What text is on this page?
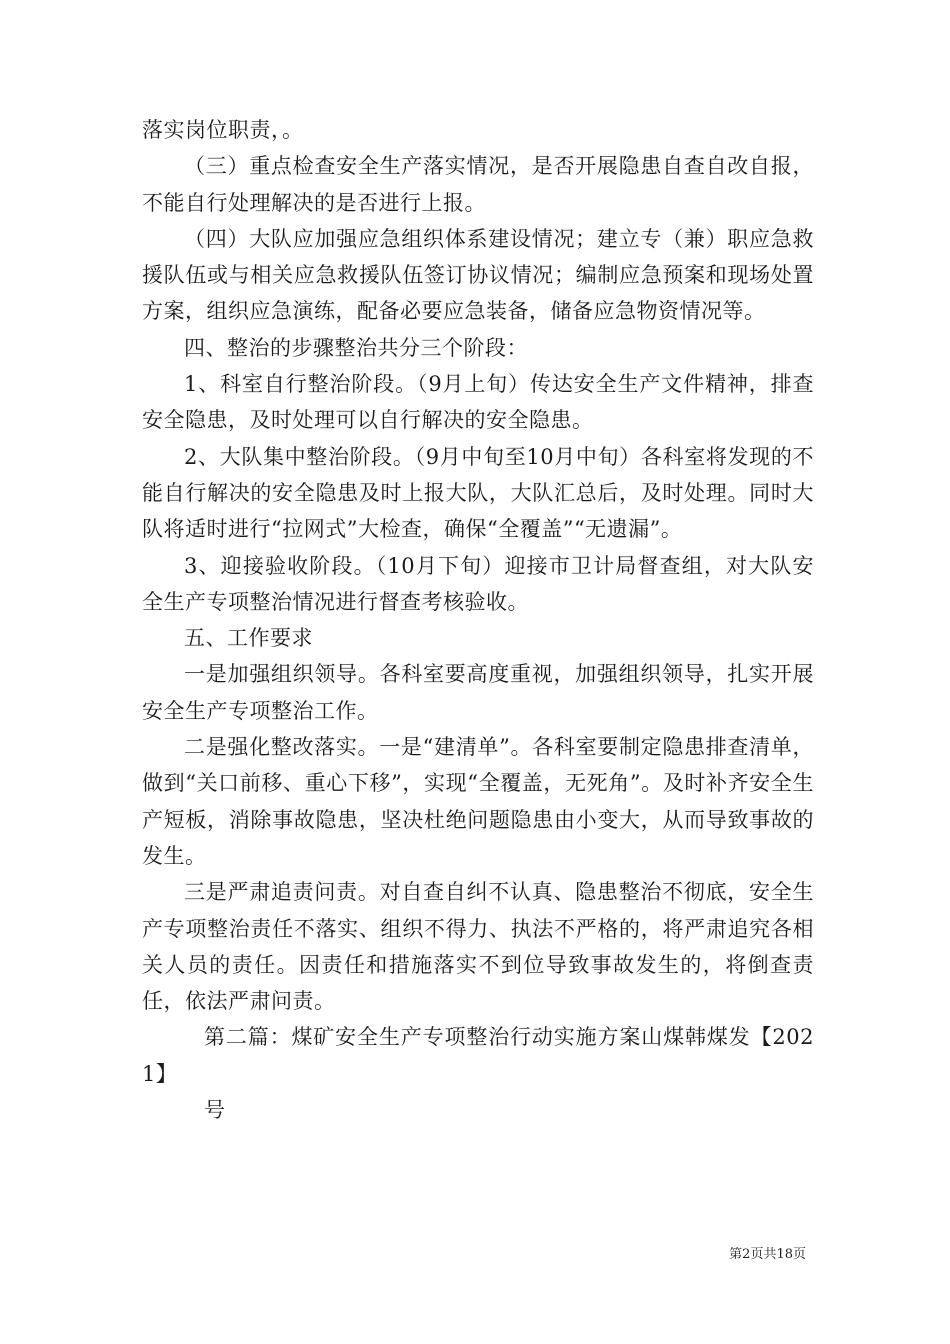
落实岗位职责，。

（三）重点检查安全生产落实情况，是否开展隐患自查自改自报，不能自行处理解决的是否进行上报。

（四）大队应加强应急组织体系建设情况；建立专（兼）职应急救援队伍或与相关应急救援队伍签订协议情况；编制应急预案和现场处置方案，组织应急演练，配备必要应急装备，储备应急物资情况等。

四、整治的步骤整治共分三个阶段：

1、科室自行整治阶段。（9月上旬）传达安全生产文件精神，排查安全隐患，及时处理可以自行解决的安全隐患。

2、大队集中整治阶段。（9月中旬至10月中旬）各科室将发现的不能自行解决的安全隐患及时上报大队，大队汇总后，及时处理。同时大队将适时进行“拉网式”大检查，确保“全覆盖”“无遗漏”。

3、迎接验收阶段。（10月下旬）迎接市卫计局督查组，对大队安全生产专项整治情况进行督查考核验收。

五、工作要求

一是加强组织领导。各科室要高度重视，加强组织领导，扎实开展安全生产专项整治工作。

二是强化整改落实。一是“建清单”。各科室要制定隐患排查清单，做到“关口前移、重心下移”，实现“全覆盖，无死角”。及时补齐安全生产短板，消除事故隐患，坚决杜绝问题隐患由小变大，从而导致事故的发生。

三是严肃追责问责。对自查自纠不认真、隐患整治不彻底，安全生产专项整治责任不落实、组织不得力、执法不严格的，将严肃追究各相关人员的责任。因责任和措施落实不到位导致事故发生的，将倒查责任，依法严肃问责。

第二篇：煤矿安全生产专项整治行动实施方案山煤韩煤发【2021】

号

第2页共18页
